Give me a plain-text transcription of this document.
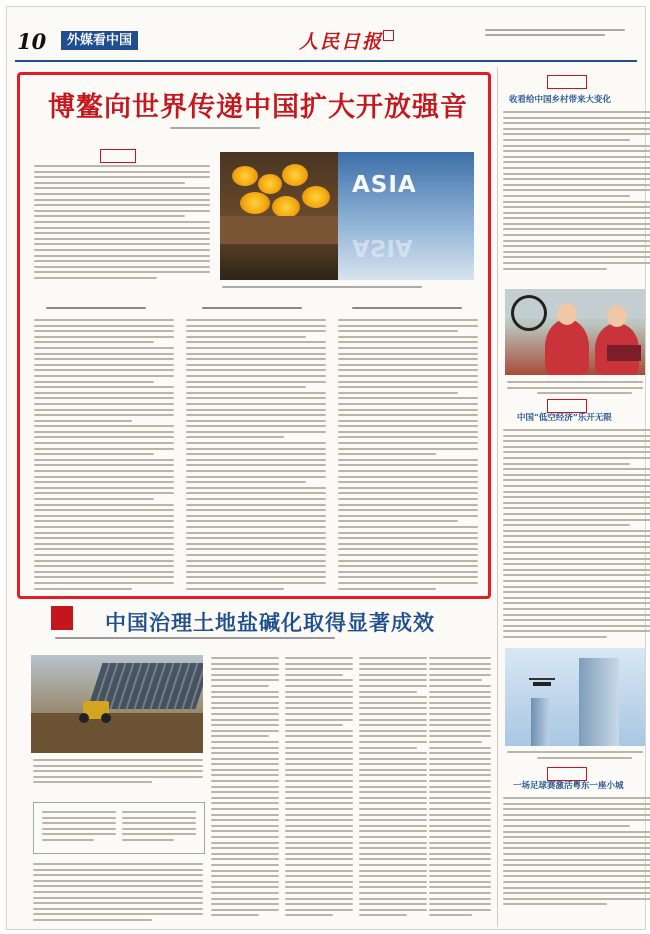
10	外媒看中国	人民日报
博鳌向世界传递中国扩大开放强音
ASIA
ASIA
中国治理土地盐碱化取得显著成效
收看给中国乡村带来大变化
中国“低空经济”乐开无限
一场足球赛激活粤东一座小城
